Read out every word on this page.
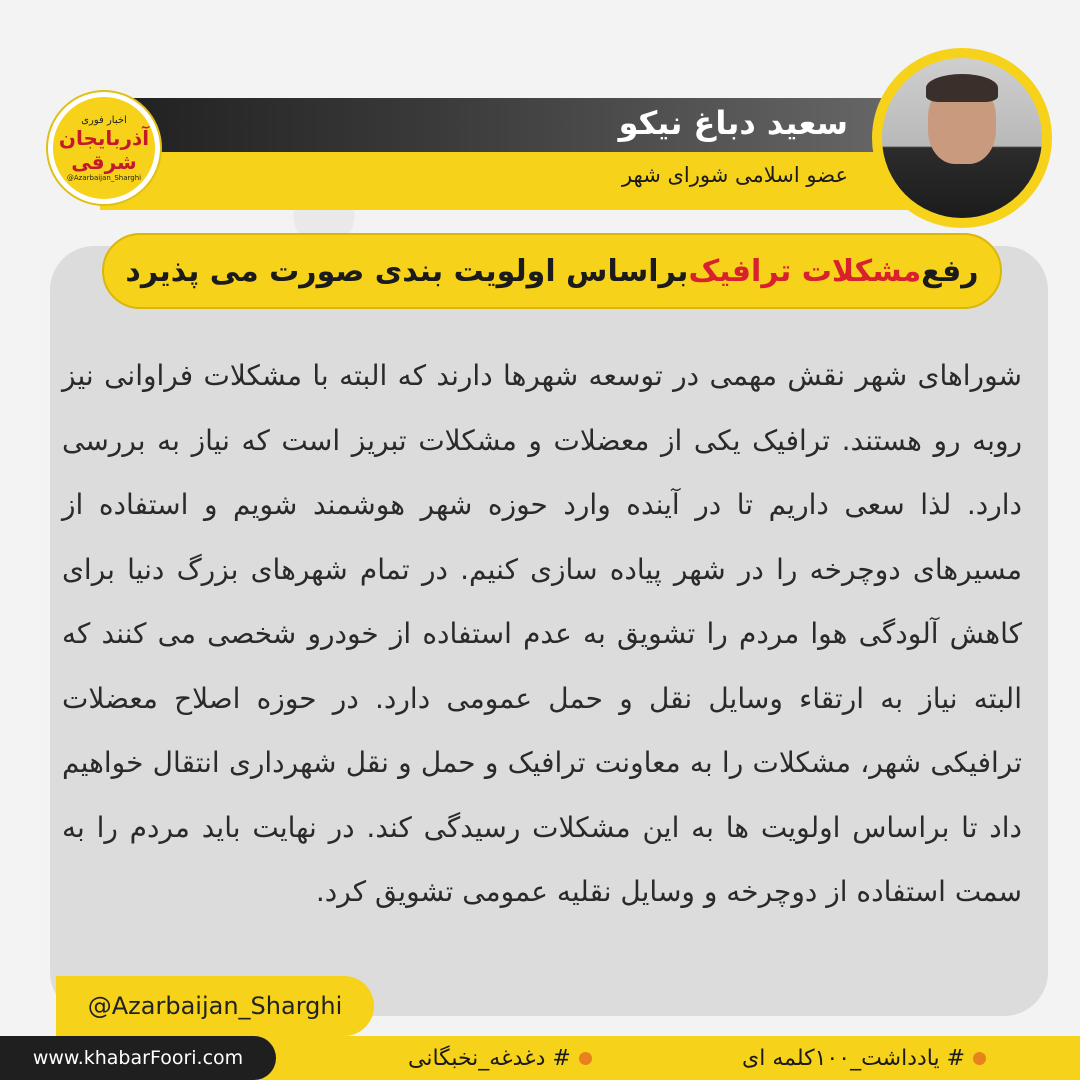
سعید دباغ نیکو
عضو اسلامی شورای شهر
اخبار فوری
آذربایجان شرقی
@Azarbaijan_Sharghi
رفع
مشکلات ترافیک
براساس اولویت بندی صورت می پذیرد
شوراهای شهر نقش مهمی در توسعه شهرها دارند که البته با مشکلات فراوانی نیز روبه رو هستند. ترافیک یکی از معضلات و مشکلات تبریز است که نیاز به بررسی دارد. لذا سعی داریم تا در آینده وارد حوزه شهر هوشمند شویم و استفاده از مسیرهای دوچرخه را در شهر پیاده سازی کنیم. در تمام شهرهای بزرگ دنیا برای کاهش آلودگی هوا مردم را تشویق به عدم استفاده از خودرو شخصی می کنند که البته نیاز به ارتقاء وسایل نقل و حمل عمومی دارد. در حوزه اصلاح معضلات ترافیکی شهر، مشکلات را به معاونت ترافیک و حمل و نقل شهرداری انتقال خواهیم داد تا براساس اولویت ها به این مشکلات رسیدگی کند. در نهایت باید مردم را به سمت استفاده از دوچرخه و وسایل نقلیه عمومی تشویق کرد.
@Azarbaijan_Sharghi
www.khabarFoori.com	# دغدغه_نخبگانی	# یادداشت_۱۰۰کلمه ای
